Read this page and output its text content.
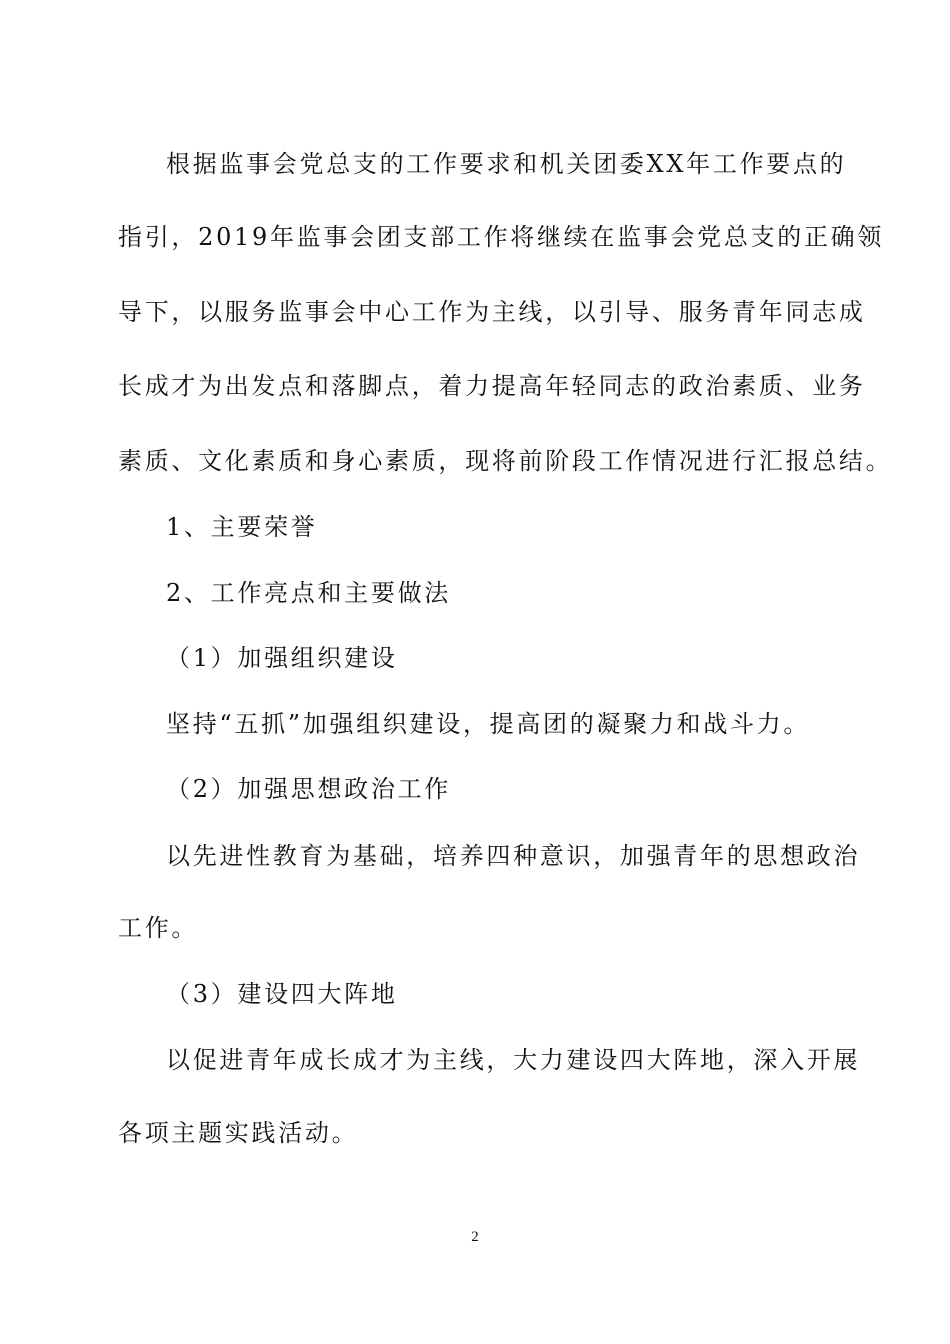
根据监事会党总支的工作要求和机关团委XX年工作要点的
指引，2019年监事会团支部工作将继续在监事会党总支的正确领
导下，以服务监事会中心工作为主线，以引导、服务青年同志成
长成才为出发点和落脚点，着力提高年轻同志的政治素质、业务
素质、文化素质和身心素质，现将前阶段工作情况进行汇报总结。
1、主要荣誉
2、工作亮点和主要做法
（1）加强组织建设
坚持“五抓”加强组织建设，提高团的凝聚力和战斗力。
（2）加强思想政治工作
以先进性教育为基础，培养四种意识，加强青年的思想政治
工作。
（3）建设四大阵地
以促进青年成长成才为主线，大力建设四大阵地，深入开展
各项主题实践活动。
2
